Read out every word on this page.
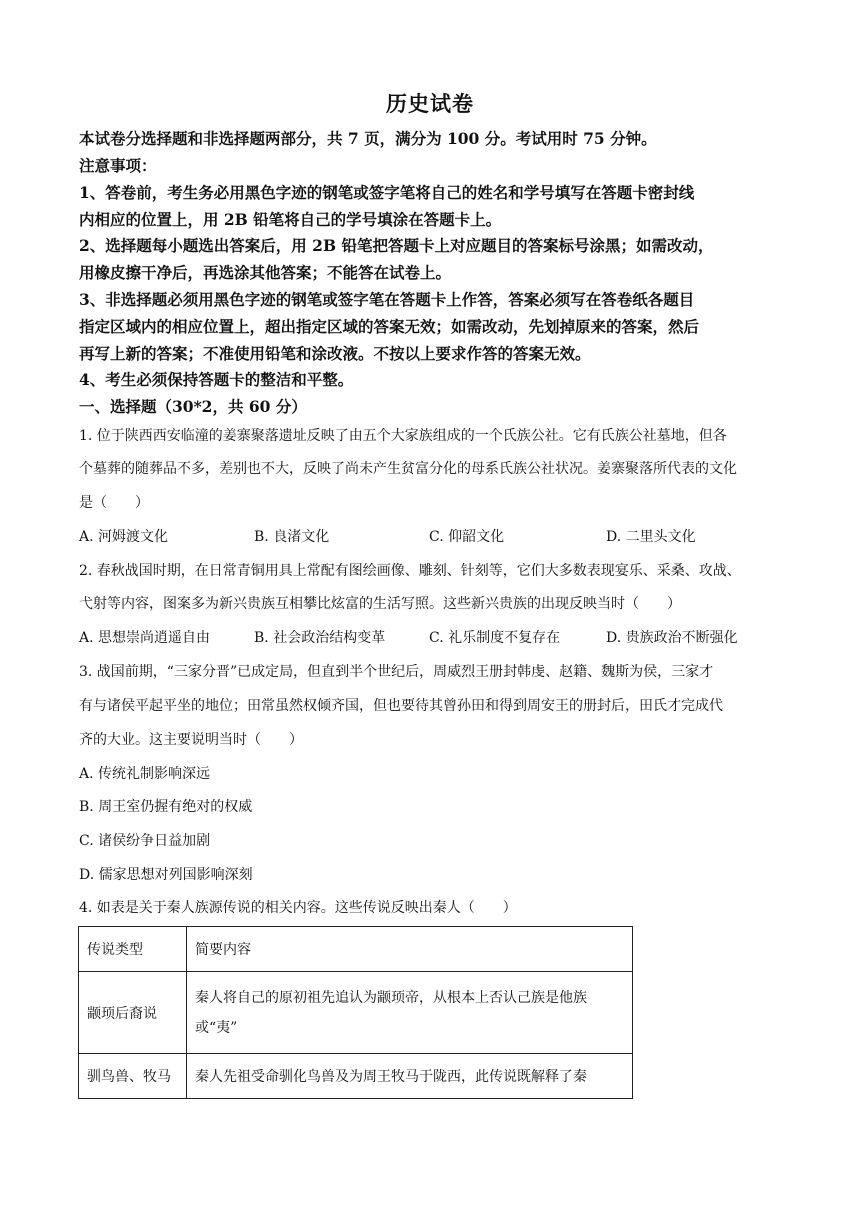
历史试卷
本试卷分选择题和非选择题两部分，共 7 页，满分为 100 分。考试用时 75 分钟。
注意事项：
1、答卷前，考生务必用黑色字迹的钢笔或签字笔将自己的姓名和学号填写在答题卡密封线
内相应的位置上，用 2B 铅笔将自己的学号填涂在答题卡上。
2、选择题每小题选出答案后，用 2B 铅笔把答题卡上对应题目的答案标号涂黑；如需改动，
用橡皮擦干净后，再选涂其他答案；不能答在试卷上。
3、非选择题必须用黑色字迹的钢笔或签字笔在答题卡上作答，答案必须写在答卷纸各题目
指定区域内的相应位置上，超出指定区域的答案无效；如需改动，先划掉原来的答案，然后
再写上新的答案；不准使用铅笔和涂改液。不按以上要求作答的答案无效。
4、考生必须保持答题卡的整洁和平整。
一、选择题（30*2，共 60 分）
1. 位于陕西西安临潼的姜寨聚落遗址反映了由五个大家族组成的一个氏族公社。它有氏族公社墓地，但各
个墓葬的随葬品不多，差别也不大，反映了尚未产生贫富分化的母系氏族公社状况。姜寨聚落所代表的文化
是（　　）
A. 河姆渡文化	B. 良渚文化	C. 仰韶文化	D. 二里头文化
2. 春秋战国时期，在日常青铜用具上常配有图绘画像、雕刻、针刻等，它们大多数表现宴乐、采桑、攻战、
弋射等内容，图案多为新兴贵族互相攀比炫富的生活写照。这些新兴贵族的出现反映当时（　　）
A. 思想崇尚逍遥自由	B. 社会政治结构变革	C. 礼乐制度不复存在	D. 贵族政治不断强化
3. 战国前期，“三家分晋”已成定局，但直到半个世纪后，周威烈王册封韩虔、赵籍、魏斯为侯，三家才
有与诸侯平起平坐的地位；田常虽然权倾齐国，但也要待其曾孙田和得到周安王的册封后，田氏才完成代
齐的大业。这主要说明当时（　　）
A. 传统礼制影响深远
B. 周王室仍握有绝对的权威
C. 诸侯纷争日益加剧
D. 儒家思想对列国影响深刻
4. 如表是关于秦人族源传说的相关内容。这些传说反映出秦人（　　）
传说类型	简要内容
颛顼后裔说	秦人将自己的原初祖先追认为颛顼帝，从根本上否认己族是他族
或“夷”

驯鸟兽、牧马	秦人先祖受命驯化鸟兽及为周王牧马于陇西，此传说既解释了秦
